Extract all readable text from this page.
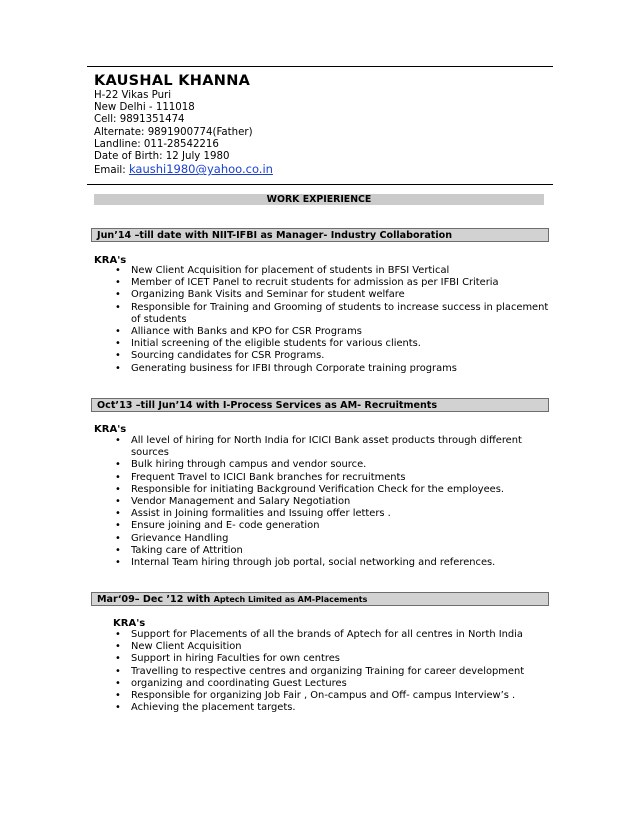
KAUSHAL KHANNA
H-22 Vikas Puri
New Delhi - 111018
Cell: 9891351474
Alternate: 9891900774(Father)
Landline: 011-28542216
Date of Birth: 12 July 1980
Email: kaushi1980@yahoo.co.in
WORK EXPIERIENCE
Jun’14 –till date with NIIT-IFBI as Manager- Industry Collaboration
KRA's
• New Client Acquisition for placement of students in BFSI Vertical
• Member of ICET Panel to recruit students for admission as per IFBI Criteria
• Organizing Bank Visits and Seminar for student welfare
• Responsible for Training and Grooming of students to increase success in placement of students
• Alliance with Banks and KPO for CSR Programs
• Initial screening of the eligible students for various clients.
• Sourcing candidates for CSR Programs.
• Generating business for IFBI through Corporate training programs
Oct’13 –till Jun’14 with I-Process Services as AM- Recruitments
KRA's
• All level of hiring for North India for ICICI Bank asset products through different sources
• Bulk hiring through campus and vendor source.
• Frequent Travel to ICICI Bank branches for recruitments
• Responsible for initiating Background Verification Check for the employees.
• Vendor Management and Salary Negotiation
• Assist in Joining formalities and Issuing offer letters .
• Ensure joining and E- code generation
• Grievance Handling
• Taking care of Attrition
• Internal Team hiring through job portal, social networking and references.
Mar‘09– Dec ’12 with Aptech Limited as AM-Placements
KRA's
• Support for Placements of all the brands of Aptech for all centres in North India
• New Client Acquisition
• Support in hiring Faculties for own centres
• Travelling to respective centres and organizing Training for career development
• organizing and coordinating Guest Lectures
• Responsible for organizing Job Fair , On-campus and Off- campus Interview’s .
• Achieving the placement targets.
